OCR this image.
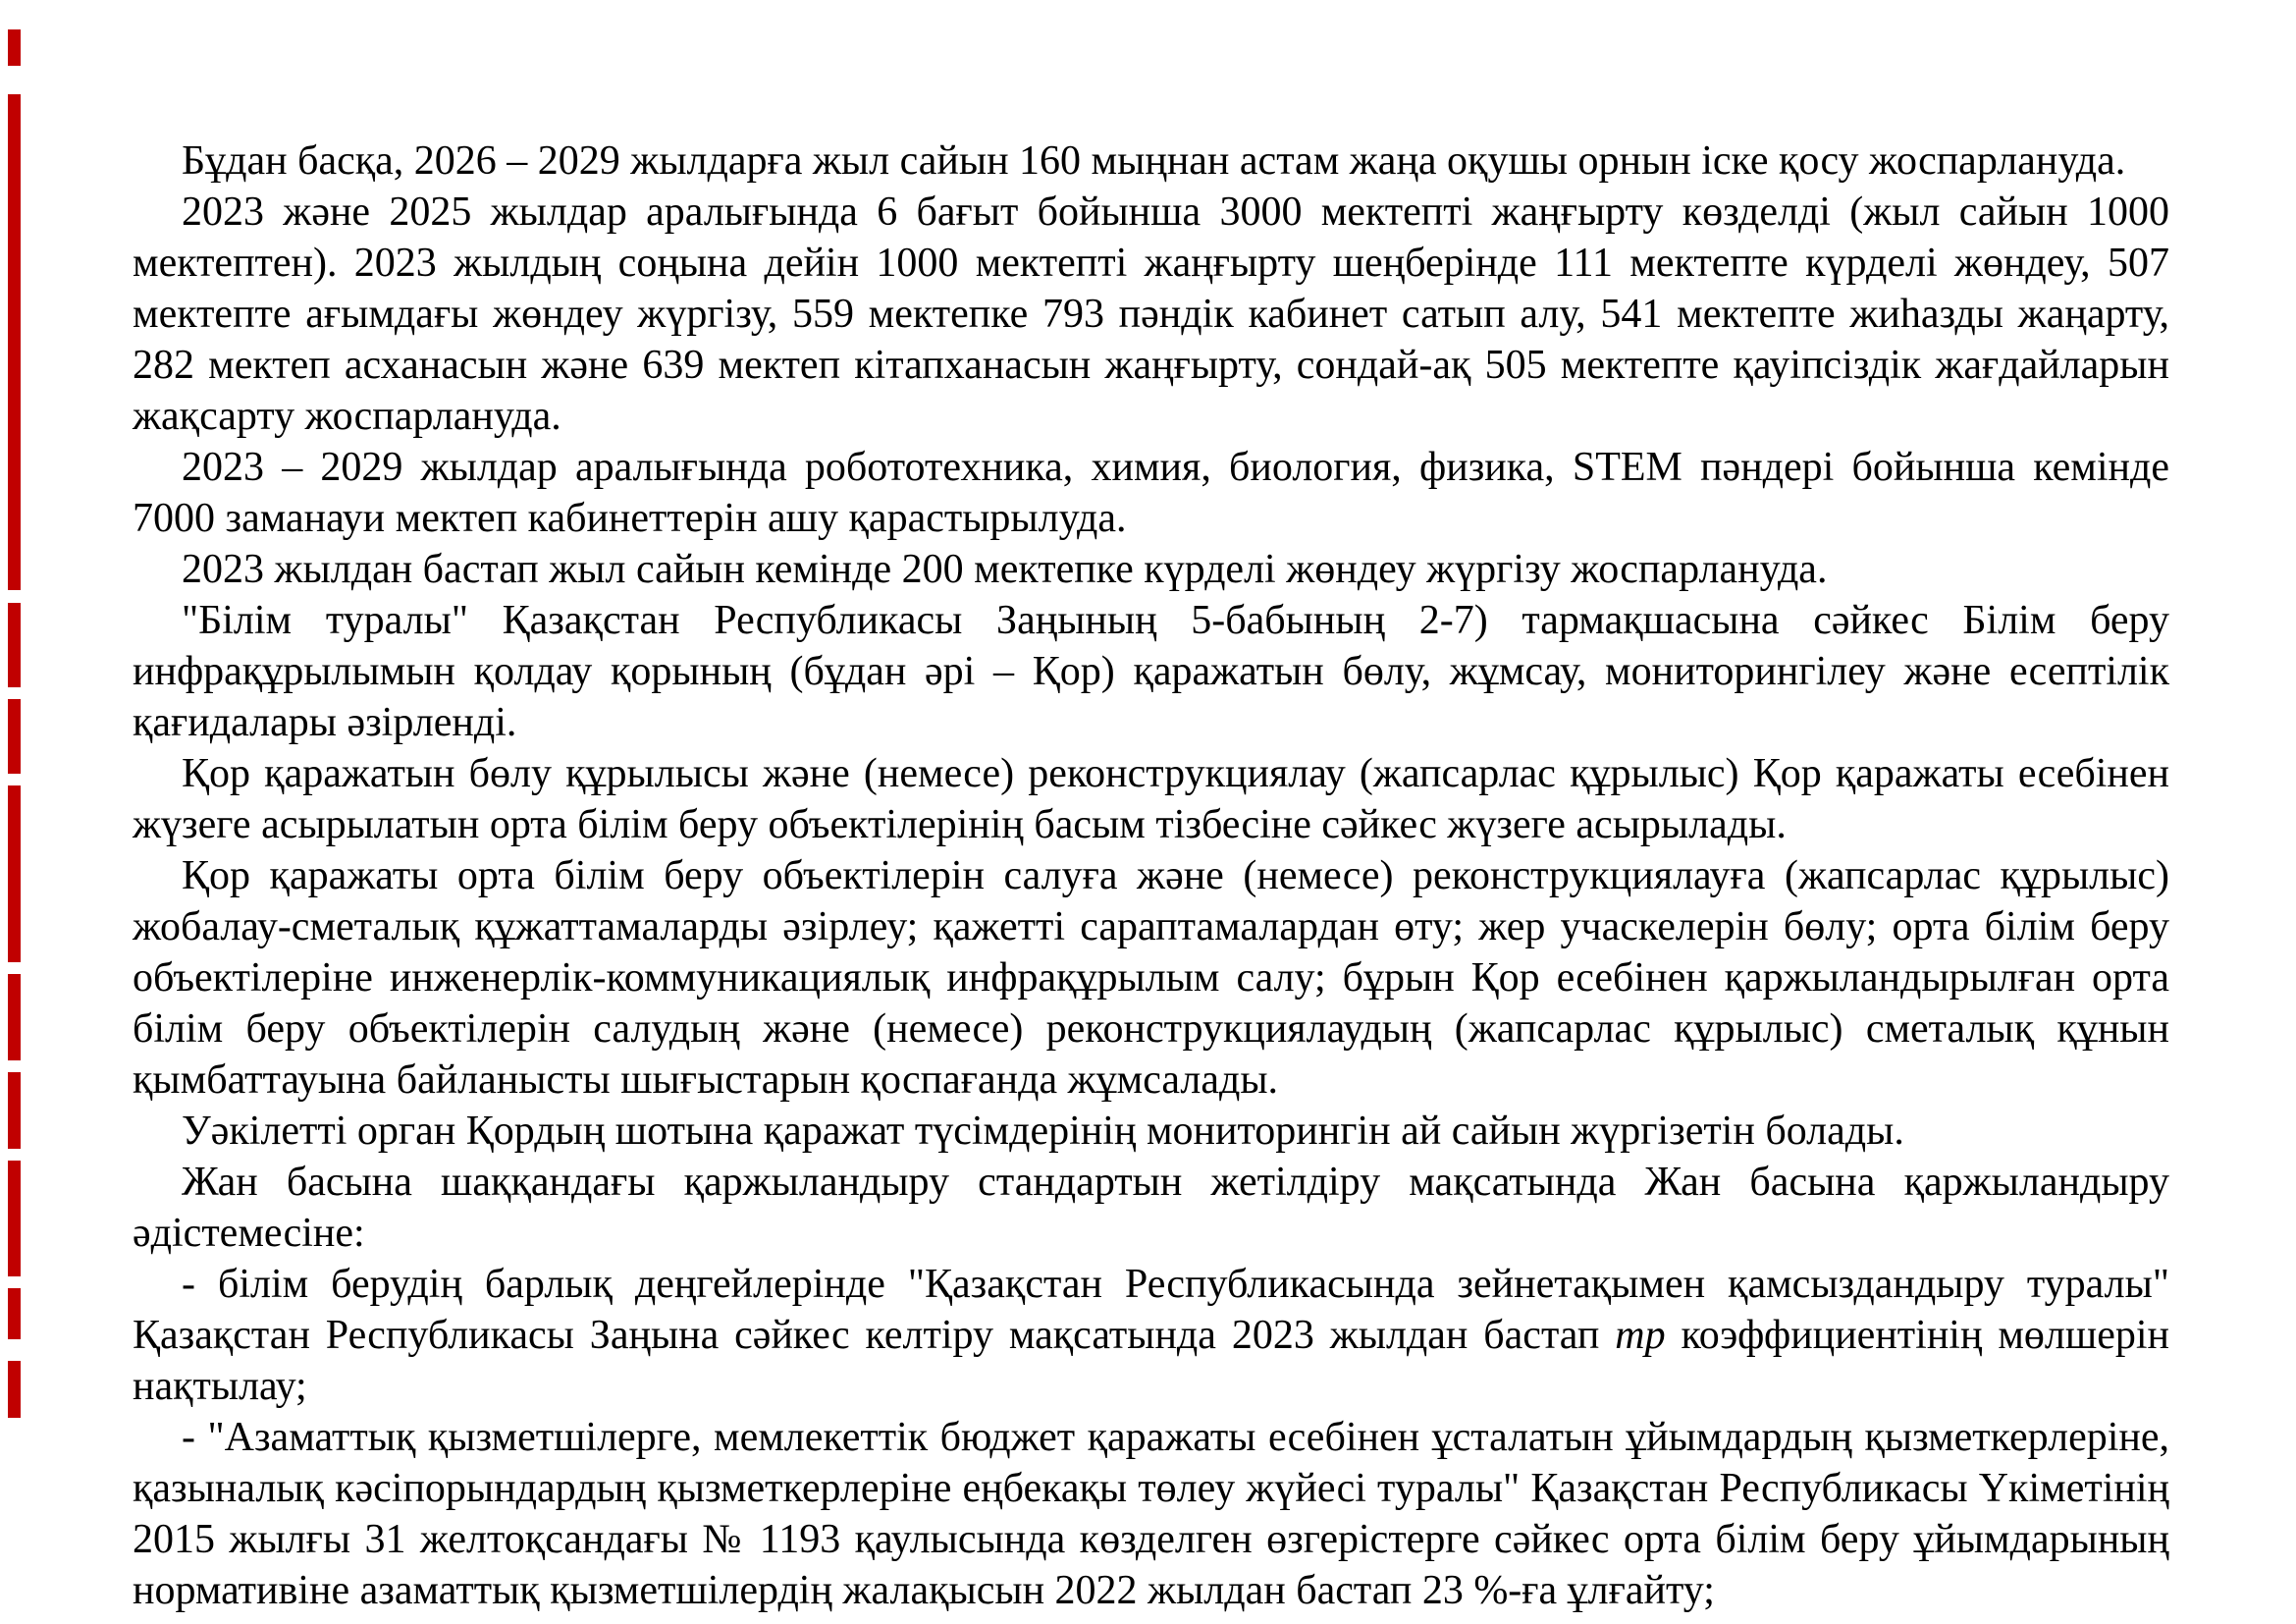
Бұдан басқа, 2026 – 2029 жылдарға жыл сайын 160 мыңнан астам жаңа оқушы орнын іске қосу жоспарлануда.

2023 және 2025 жылдар аралығында 6 бағыт бойынша 3000 мектепті жаңғырту көзделді (жыл сайын 1000 мектептен). 2023 жылдың соңына дейін 1000 мектепті жаңғырту шеңберінде 111 мектепте күрделі жөндеу, 507 мектепте ағымдағы жөндеу жүргізу, 559 мектепке 793 пәндік кабинет сатып алу, 541 мектепте жиһазды жаңарту, 282 мектеп асханасын және 639 мектеп кітапханасын жаңғырту, сондай-ақ 505 мектепте қауіпсіздік жағдайларын жақсарту жоспарлануда.

2023 – 2029 жылдар аралығында робототехника, химия, биология, физика, STEM пәндері бойынша кемінде 7000 заманауи мектеп кабинеттерін ашу қарастырылуда.

2023 жылдан бастап жыл сайын кемінде 200 мектепке күрделі жөндеу жүргізу жоспарлануда.

"Білім туралы" Қазақстан Республикасы Заңының 5-бабының 2-7) тармақшасына сәйкес Білім беру инфрақұрылымын қолдау қорының (бұдан әрі – Қор) қаражатын бөлу, жұмсау, мониторингілеу және есептілік қағидалары әзірленді.

Қор қаражатын бөлу құрылысы және (немесе) реконструкциялау (жапсарлас құрылыс) Қор қаражаты есебінен жүзеге асырылатын орта білім беру объектілерінің басым тізбесіне сәйкес жүзеге асырылады.

Қор қаражаты орта білім беру объектілерін салуға және (немесе) реконструкциялауға (жапсарлас құрылыс) жобалау-сметалық құжаттамаларды әзірлеу; қажетті сараптамалардан өту; жер учаскелерін бөлу; орта білім беру объектілеріне инженерлік-коммуникациялық инфрақұрылым салу; бұрын Қор есебінен қаржыландырылған орта білім беру объектілерін салудың және (немесе) реконструкциялаудың (жапсарлас құрылыс) сметалық құнын қымбаттауына байланысты шығыстарын қоспағанда жұмсалады.

Уәкілетті орган Қордың шотына қаражат түсімдерінің мониторингін ай сайын жүргізетін болады.

Жан басына шаққандағы қаржыландыру стандартын жетілдіру мақсатында Жан басына қаржыландыру әдістемесіне:

- білім берудің барлық деңгейлерінде "Қазақстан Республикасында зейнетақымен қамсыздандыру туралы" Қазақстан Республикасы Заңына сәйкес келтіру мақсатында 2023 жылдан бастап тр коэффициентінің мөлшерін нақтылау;

- "Азаматтық қызметшілерге, мемлекеттік бюджет қаражаты есебінен ұсталатын ұйымдардың қызметкерлеріне, қазыналық кәсіпорындардың қызметкерлеріне еңбекақы төлеу жүйесі туралы" Қазақстан Республикасы Үкіметінің 2015 жылғы 31 желтоқсандағы № 1193 қаулысында көзделген өзгерістерге сәйкес орта білім беру ұйымдарының нормативіне азаматтық қызметшілердің жалақысын 2022 жылдан бастап 23 %-ға ұлғайту;
